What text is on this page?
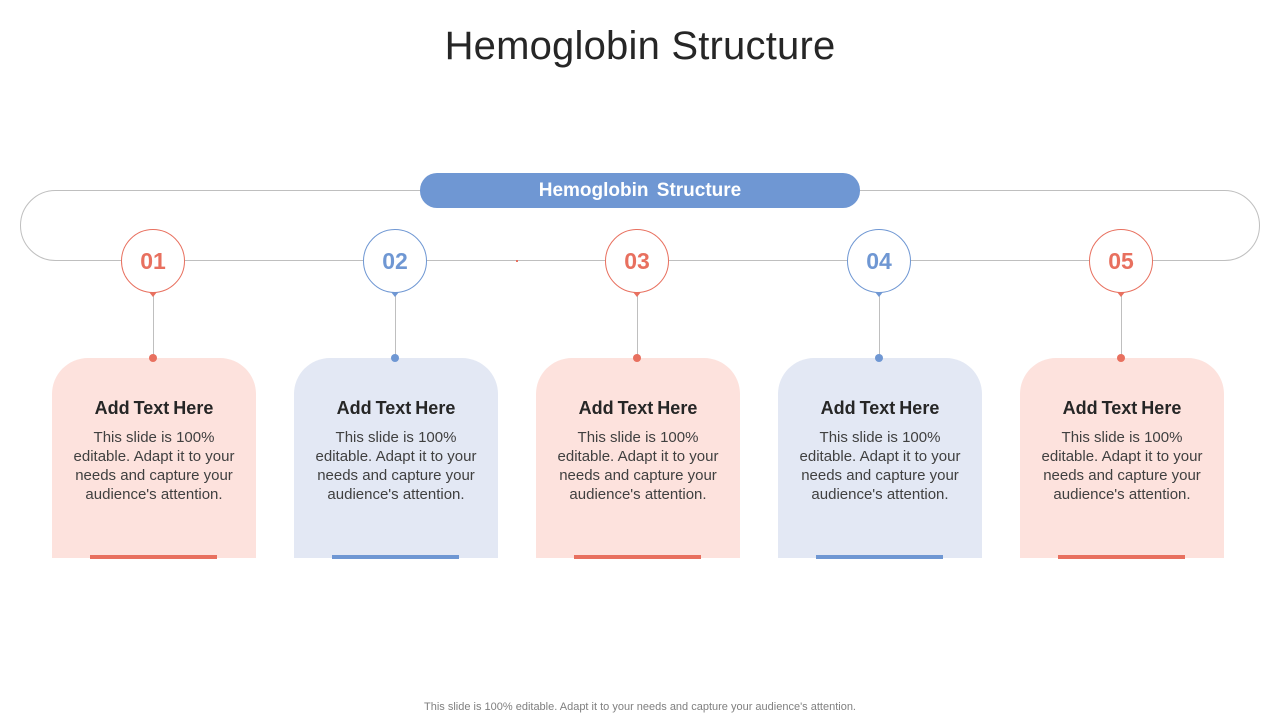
Hemoglobin Structure
Hemoglobin Structure
01
Add Text Here
This slide is 100% editable. Adapt it to your needs and capture your audience's attention.
02
Add Text Here
This slide is 100% editable. Adapt it to your needs and capture your audience's attention.
03
Add Text Here
This slide is 100% editable. Adapt it to your needs and capture your audience's attention.
04
Add Text Here
This slide is 100% editable. Adapt it to your needs and capture your audience's attention.
05
Add Text Here
This slide is 100% editable. Adapt it to your needs and capture your audience's attention.
This slide is 100% editable. Adapt it to your needs and capture your audience's attention.
